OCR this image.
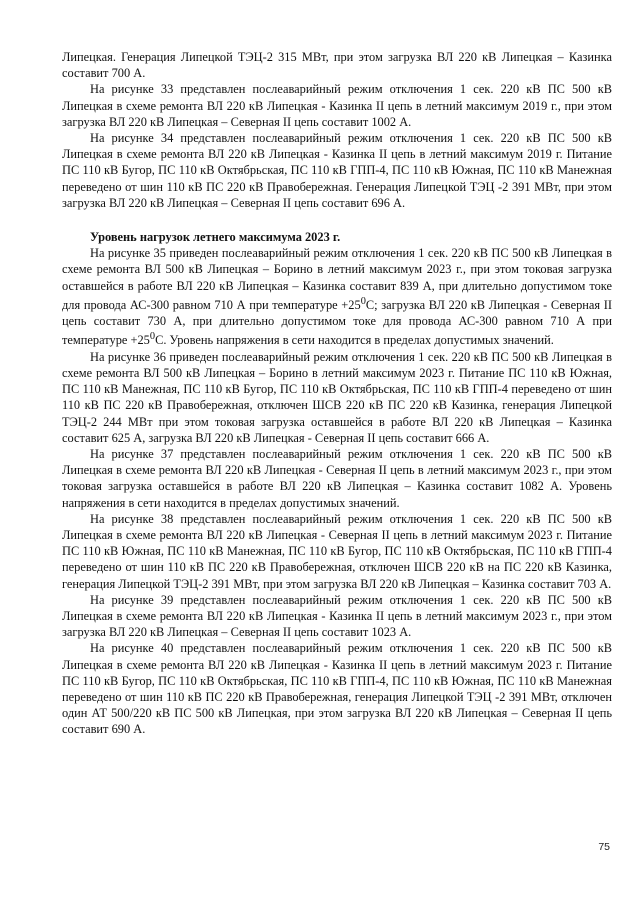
Липецкая. Генерация Липецкой ТЭЦ-2 315 МВт, при этом загрузка ВЛ 220 кВ Липецкая – Казинка составит 700 А.

На рисунке 33 представлен послеаварийный режим отключения 1 сек. 220 кВ ПС 500 кВ Липецкая в схеме ремонта ВЛ 220 кВ Липецкая - Казинка II цепь в летний максимум 2019 г., при этом загрузка ВЛ 220 кВ Липецкая – Северная II цепь составит 1002 А.

На рисунке 34 представлен послеаварийный режим отключения 1 сек. 220 кВ ПС 500 кВ Липецкая в схеме ремонта ВЛ 220 кВ Липецкая - Казинка II цепь в летний максимум 2019 г. Питание ПС 110 кВ Бугор, ПС 110 кВ Октябрьская, ПС 110 кВ ГПП-4, ПС 110 кВ Южная, ПС 110 кВ Манежная переведено от шин 110 кВ ПС 220 кВ Правобережная. Генерация Липецкой ТЭЦ -2 391 МВт, при этом загрузка ВЛ 220 кВ Липецкая – Северная II цепь составит 696 А.

Уровень нагрузок летнего максимума 2023 г.

На рисунке 35 приведен послеаварийный режим отключения 1 сек. 220 кВ ПС 500 кВ Липецкая в схеме ремонта ВЛ 500 кВ Липецкая – Борино в летний максимум 2023 г., при этом токовая загрузка оставшейся в работе ВЛ 220 кВ Липецкая – Казинка составит 839 А, при длительно допустимом токе для провода АС-300 равном 710 А при температуре $+25^0С$; загрузка ВЛ 220 кВ Липецкая - Северная II цепь составит 730 А, при длительно допустимом токе для провода АС-300 равном 710 А при температуре $+25^0С$. Уровень напряжения в сети находится в пределах допустимых значений.

На рисунке 36 приведен послеаварийный режим отключения 1 сек. 220 кВ ПС 500 кВ Липецкая в схеме ремонта ВЛ 500 кВ Липецкая – Борино в летний максимум 2023 г. Питание ПС 110 кВ Южная, ПС 110 кВ Манежная, ПС 110 кВ Бугор, ПС 110 кВ Октябрьская, ПС 110 кВ ГПП-4 переведено от шин 110 кВ ПС 220 кВ Правобережная, отключен ШСВ 220 кВ ПС 220 кВ Казинка, генерация Липецкой ТЭЦ-2 244 МВт при этом токовая загрузка оставшейся в работе ВЛ 220 кВ Липецкая – Казинка составит 625 А, загрузка ВЛ 220 кВ Липецкая - Северная II цепь составит 666 А.

На рисунке 37 представлен послеаварийный режим отключения 1 сек. 220 кВ ПС 500 кВ Липецкая в схеме ремонта ВЛ 220 кВ Липецкая - Северная II цепь в летний максимум 2023 г., при этом токовая загрузка оставшейся в работе ВЛ 220 кВ Липецкая – Казинка составит 1082 А. Уровень напряжения в сети находится в пределах допустимых значений.

На рисунке 38 представлен послеаварийный режим отключения 1 сек. 220 кВ ПС 500 кВ Липецкая в схеме ремонта ВЛ 220 кВ Липецкая - Северная II цепь в летний максимум 2023 г. Питание ПС 110 кВ Южная, ПС 110 кВ Манежная, ПС 110 кВ Бугор, ПС 110 кВ Октябрьская, ПС 110 кВ ГПП-4 переведено от шин 110 кВ ПС 220 кВ Правобережная, отключен ШСВ 220 кВ на ПС 220 кВ Казинка, генерация Липецкой ТЭЦ-2 391 МВт, при этом загрузка ВЛ 220 кВ Липецкая – Казинка составит 703 А.

На рисунке 39 представлен послеаварийный режим отключения 1 сек. 220 кВ ПС 500 кВ Липецкая в схеме ремонта ВЛ 220 кВ Липецкая - Казинка II цепь в летний максимум 2023 г., при этом загрузка ВЛ 220 кВ Липецкая – Северная II цепь составит 1023 А.

На рисунке 40 представлен послеаварийный режим отключения 1 сек. 220 кВ ПС 500 кВ Липецкая в схеме ремонта ВЛ 220 кВ Липецкая - Казинка II цепь в летний максимум 2023 г. Питание ПС 110 кВ Бугор, ПС 110 кВ Октябрьская, ПС 110 кВ ГПП-4, ПС 110 кВ Южная, ПС 110 кВ Манежная переведено от шин 110 кВ ПС 220 кВ Правобережная, генерация Липецкой ТЭЦ -2 391 МВт, отключен один АТ 500/220 кВ ПС 500 кВ Липецкая, при этом загрузка ВЛ 220 кВ Липецкая – Северная II цепь составит 690 А.

75
